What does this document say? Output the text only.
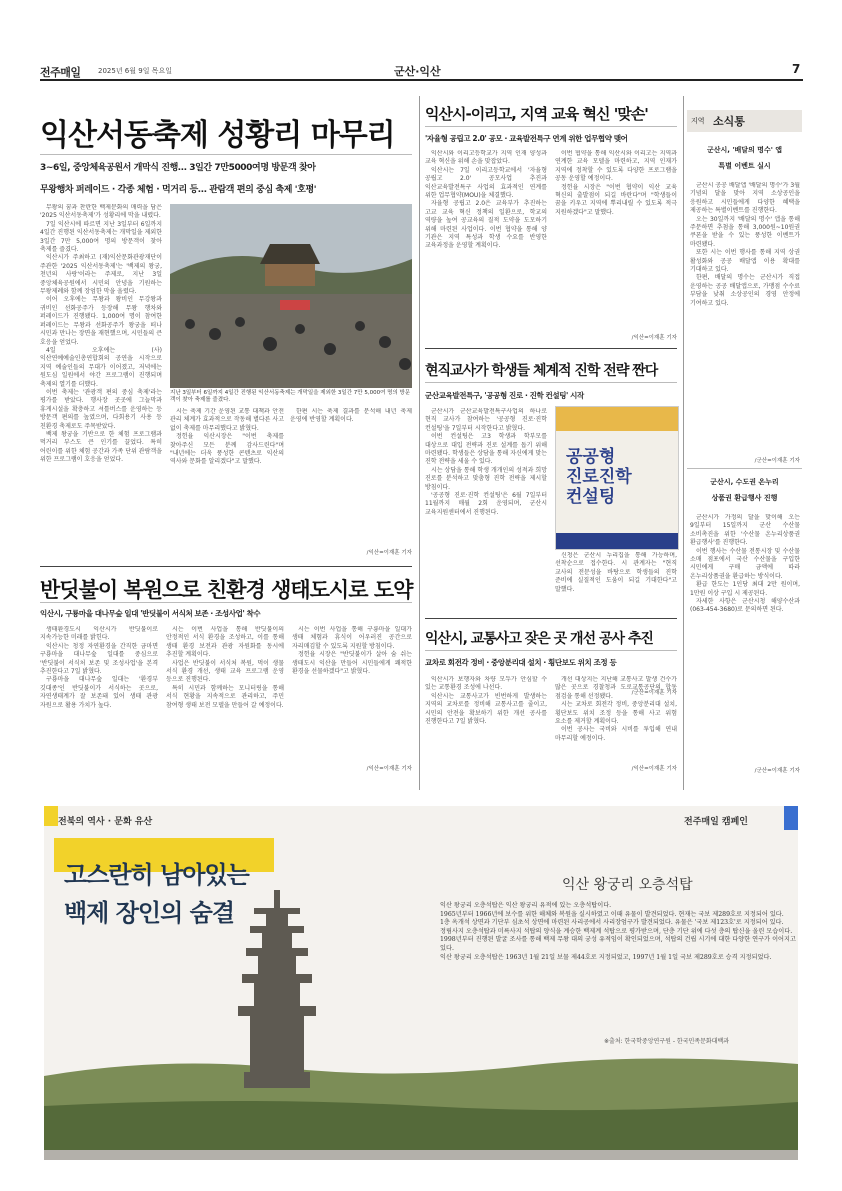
전주매일 2025년 6월 9일 목요일	군산·익산	7
익산서동축제 성황리 마무리
3~6일, 중앙체육공원서 개막식 진행… 3일간 7만5000여명 방문객 찾아
무왕행차 퍼레이드 · 각종 체험 · 먹거리 등… 관람객 편의 중심 축제 '호평'

무왕의 꿈과 찬란한 백제문화의 매력을 담은 '2025 익산서동축제'가 성황리에 막을 내렸다.

7일 익산시에 따르면 지난 3일부터 6일까지 4일간 진행된 익산서동축제는 개막일을 제외한 3일간 7만 5,000여 명의 방문객이 찾아 축제를 즐겼다.

익산시가 주최하고 (재)익산문화관광재단이 주관한 '2025 익산서동축제'는 '백제의 왕궁, 천년의 사랑'이라는 주제로, 지난 3일 중앙체육공원에서 시민의 안녕을 기원하는 무왕제례와 함께 장엄한 막을 올렸다.

이어 오후에는 무왕과 왕비인 무강왕과 귀비인 선화공주가 등장해 무왕 행차와 퍼레이드가 진행됐다. 1,000여 명이 참여한 퍼레이드는 무왕과 선화공주가 왕궁을 떠나 시민과 만나는 장면을 재현했으며, 시민들의 큰 호응을 얻었다.

4일 오후에는 (사)익산연예예술인총연합회의 공연을 시작으로 지역 예술인들의 무대가 이어졌고, 저녁에는 원도심 일원에서 야간 프로그램이 진행되며 축제의 열기를 더했다.

이번 축제는 '관광객 편의 중심 축제'라는 평가를 받았다. 행사장 곳곳에 그늘막과 휴게시설을 확충하고 셔틀버스를 운영하는 등 방문객 편의를 높였으며, 다회용기 사용 등 친환경 축제로도 주목받았다.

백제 왕궁을 기반으로 한 체험 프로그램과 먹거리 부스도 큰 인기를 끌었다. 특히 어린이를 위한 체험 공간과 가족 단위 관람객을 위한 프로그램이 호응을 얻었다.

지난 3일부터 6일까지 4일간 진행된 익산서동축제는 개막일을 제외한 3일간 7만 5,000여 명의 방문객이 찾아 축제를 즐겼다.

시는 축제 기간 운영된 교통 대책과 안전 관리 체계가 효과적으로 작동해 별다른 사고 없이 축제를 마무리했다고 밝혔다.

정헌율 익산시장은 "이번 축제를 찾아주신 모든 분께 감사드린다"며 "내년에는 더욱 풍성한 콘텐츠로 익산의 역사와 문화를 알리겠다"고 말했다.

한편 시는 축제 결과를 분석해 내년 축제 운영에 반영할 계획이다.

/익산=이재훈 기자
익산시-이리고, 지역 교육 혁신 '맞손'
'자율형 공립고 2.0' 공모 · 교육발전특구 연계 위한 업무협약 맺어

익산시와 이리고등학교가 지역 인재 양성과 교육 혁신을 위해 손을 맞잡았다.

익산시는 7일 이리고등학교에서 '자율형 공립고 2.0' 공모사업 추진과 익산교육발전특구 사업의 효과적인 연계를 위한 업무협약(MOU)을 체결했다.

자율형 공립고 2.0은 교육부가 추진하는 고교 교육 혁신 정책의 일환으로, 학교의 역량을 높여 공교육의 질적 도약을 도모하기 위해 마련된 사업이다. 이번 협약을 통해 양 기관은 지역 특성과 학생 수요를 반영한 교육과정을 운영할 계획이다.

이번 협약을 통해 익산시와 이리고는 지역과 연계한 교육 모델을 마련하고, 지역 인재가 지역에 정착할 수 있도록 다양한 프로그램을 공동 운영할 예정이다.

정헌율 시장은 "이번 협약이 익산 교육 혁신의 출발점이 되길 바란다"며 "학생들이 꿈을 키우고 지역에 뿌리내릴 수 있도록 적극 지원하겠다"고 말했다.

/익산=이재훈 기자
현직교사가 학생들 체계적 진학 전략 짠다
군산교육발전특구, '공공형 진로 · 진학 컨설팅' 시작

군산시가 군산교육발전특구사업의 하나로 현직 교사가 참여하는 '공공형 진로·진학 컨설팅'을 7일부터 시작한다고 밝혔다.

이번 컨설팅은 고3 학생과 학부모를 대상으로 대입 전략과 진로 설계를 돕기 위해 마련됐다. 학생들은 상담을 통해 자신에게 맞는 진학 전략을 세울 수 있다.

시는 상담을 통해 학생 개개인의 성적과 희망 진로를 분석하고 맞춤형 진학 전략을 제시할 방침이다.

'공공형 진로·진학 컨설팅'은 6월 7일부터 11월까지 매월 2회 운영되며, 군산시 교육지원센터에서 진행된다.

공공형
진로진학
컨설팅

신청은 군산시 누리집을 통해 가능하며, 선착순으로 접수한다. 시 관계자는 "현직 교사의 전문성을 바탕으로 학생들의 진학 준비에 실질적인 도움이 되길 기대한다"고 말했다.

/군산=이재훈 기자
반딧불이 복원으로 친환경 생태도시로 도약
익산시, 구룡마을 대나무숲 일대 '반딧불이 서식처 보존 · 조성사업' 착수

생태환경도시 익산시가 반딧불이로 지속가능한 미래를 밝힌다.

익산시는 청정 자연환경을 간직한 금마면 구룡마을 대나무숲 일대를 중심으로 '반딧불이 서식처 보존 및 조성사업'을 본격 추진한다고 7일 밝혔다.

구룡마을 대나무숲 일대는 '환경부 깃대종'인 반딧불이가 서식하는 곳으로, 자연생태계가 잘 보존돼 있어 생태 관광 자원으로 활용 가치가 높다.

시는 이번 사업을 통해 반딧불이의 안정적인 서식 환경을 조성하고, 이를 통해 생태 환경 보전과 관광 자원화를 동시에 추진할 계획이다.

사업은 반딧불이 서식처 복원, 먹이 생물 서식 환경 개선, 생태 교육 프로그램 운영 등으로 진행된다.

특히 시민과 함께하는 모니터링을 통해 서식 현황을 지속적으로 관리하고, 주민 참여형 생태 보전 모델을 만들어 갈 예정이다.

시는 이번 사업을 통해 구룡마을 일대가 생태 체험과 휴식이 어우러진 공간으로 자리매김할 수 있도록 지원할 방침이다.

정헌율 시장은 "반딧불이가 살아 숨 쉬는 생태도시 익산을 만들어 시민들에게 쾌적한 환경을 선물하겠다"고 밝혔다.

/익산=이재훈 기자
익산시, 교통사고 잦은 곳 개선 공사 추진
교차로 회전각 정비 · 중앙분리대 설치 · 횡단보도 위치 조정 등

익산시가 보행자와 차량 모두가 안심할 수 있는 교통환경 조성에 나선다.

익산시는 교통사고가 빈번하게 발생하는 지역의 교차로를 정비해 교통사고를 줄이고, 시민의 안전을 확보하기 위한 개선 공사를 진행한다고 7일 밝혔다.

개선 대상지는 지난해 교통사고 발생 건수가 많은 곳으로 경찰청과 도로교통공단의 합동 점검을 통해 선정됐다.

시는 교차로 회전각 정비, 중앙분리대 설치, 횡단보도 위치 조정 등을 통해 사고 위험 요소를 제거할 계획이다.

이번 공사는 국비와 시비를 투입해 연내 마무리할 예정이다.

/익산=이재훈 기자
지역 소식통
군산시, '배달의 명수' 앱
특별 이벤트 실시

군산시 공공 배달앱 '배달의 명수'가 3월 기념의 달을 맞아 지역 소상공인을 응원하고 시민들에게 다양한 혜택을 제공하는 특별이벤트를 진행한다.

오는 30일까지 '배달의 명수' 앱을 통해 주문하면 추첨을 통해 3,000원~10원권 쿠폰을 받을 수 있는 풍성한 이벤트가 마련됐다.

또한 시는 이번 행사를 통해 지역 상권 활성화와 공공 배달앱 이용 확대를 기대하고 있다.

한편, 배달의 명수는 군산시가 직접 운영하는 공공 배달앱으로, 가맹점 수수료 부담을 낮춰 소상공인의 경영 안정에 기여하고 있다.

/군산=이재훈 기자
군산시, 수도권 온누리
상품권 환급행사 진행

군산시가 가정의 달을 맞이해 오는 9일부터 15일까지 군산 수산물 소비촉진을 위한 '수산물 온누리상품권 환급행사'를 진행한다.

이번 행사는 수산물 전통시장 및 수산물 소매 점포에서 국산 수산물을 구입한 시민에게 구매 금액에 따라 온누리상품권을 환급하는 방식이다.

환급 한도는 1인당 최대 2만 원이며, 1만원 이상 구입 시 제공된다.

자세한 사항은 군산시청 해양수산과(063-454-3680)로 문의하면 된다.

/군산=이재훈 기자
전북의 역사 · 문화 유산	전주매일 캠페인
고스란히 남아있는
백제 장인의 숨결
익산 왕궁리 오층석탑
익산 왕궁리 오층석탑은 익산 왕궁리 유적에 있는 오층석탑이다.
1965년부터 1966년에 보수를 위한 해체와 복원을 실시하였고 이때 유물이 발견되었다. 현재는 국보 제289호로 지정되어 있다.
1층 옥개석 상면과 기단부 심초석 상면에 마련된 사리공에서 사리장엄구가 발견되었다. 유물은 '국보 제123호'로 지정되어 있다.
정림사지 오층석탑과 미륵사지 석탑의 양식을 계승한 백제계 석탑으로 평가받으며, 단층 기단 위에 다섯 층의 탑신을 올린 모습이다.
1998년부터 진행된 발굴 조사를 통해 백제 무왕 대의 궁성 유적임이 확인되었으며, 석탑의 건립 시기에 대한 다양한 연구가 이어지고 있다.
익산 왕궁리 오층석탑은 1963년 1월 21일 보물 제44호로 지정되었고, 1997년 1월 1일 국보 제289호로 승격 지정되었다.
※출처: 한국학중앙연구원 - 한국민족문화대백과
